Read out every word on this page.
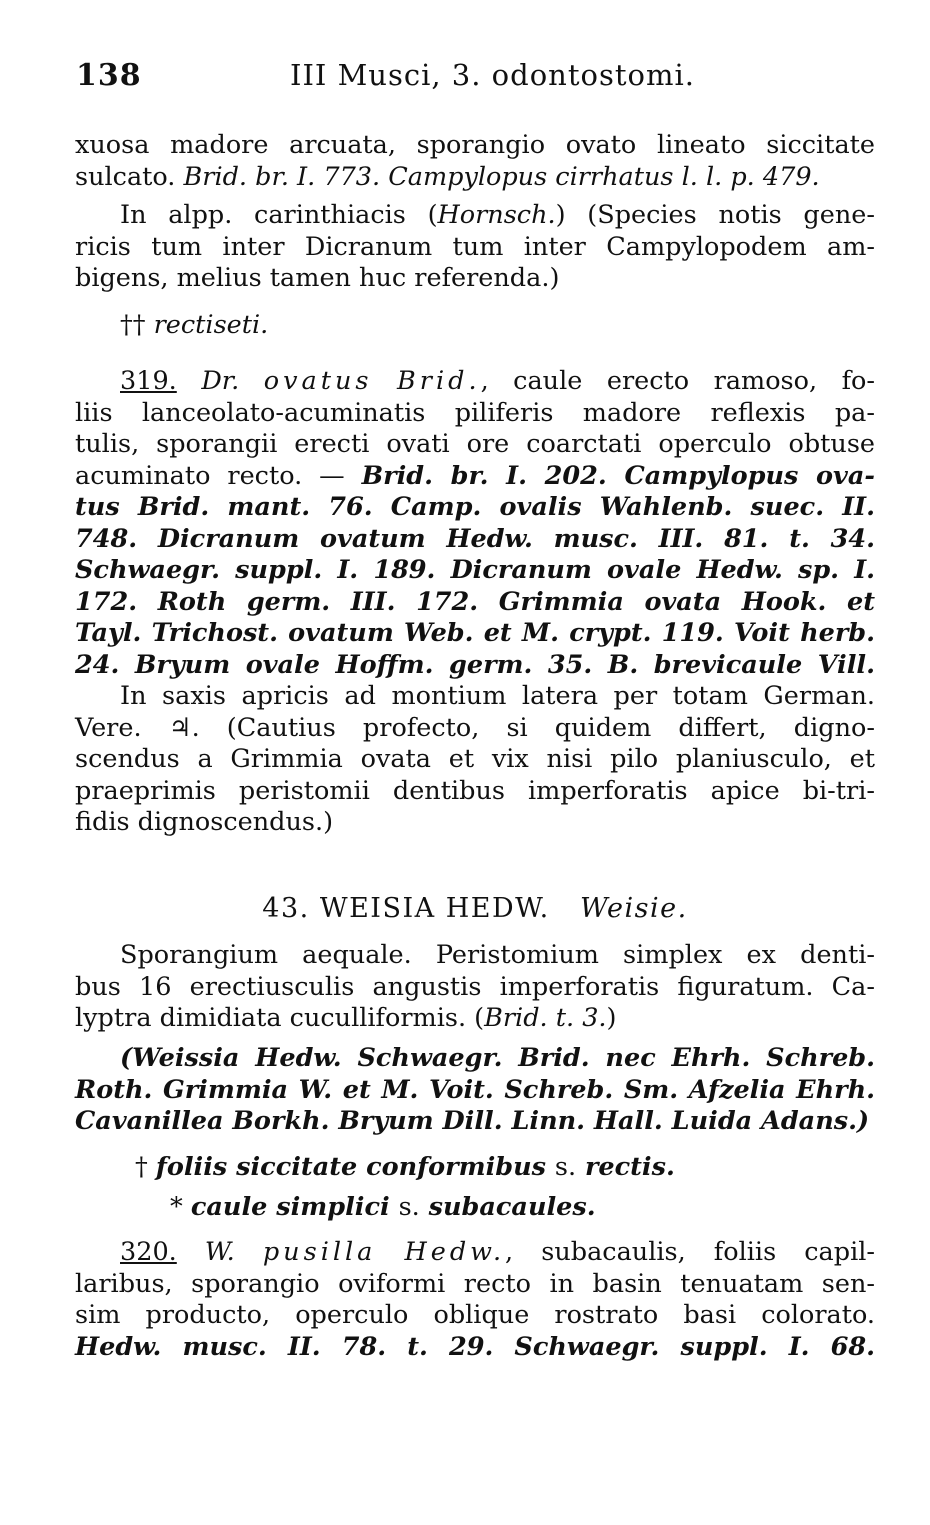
138	III Musci, 3. odontostomi.

xuosa madore arcuata, sporangio ovato lineato siccitate

sulcato. Brid. br. I. 773. Campylopus cirrhatus l. l. p. 479.

In alpp. carinthiacis (Hornsch.) (Species notis gene-

ricis tum inter Dicranum tum inter Campylopodem am-

bigens, melius tamen huc referenda.)

†† rectiseti.

319. Dr. ovatus Brid., caule erecto ramoso, fo-

liis lanceolato-acuminatis piliferis madore reflexis pa-

tulis, sporangii erecti ovati ore coarctati operculo obtuse

acuminato recto. — Brid. br. I. 202. Campylopus ova-

tus Brid. mant. 76. Camp. ovalis Wahlenb. suec. II.

748. Dicranum ovatum Hedw. musc. III. 81. t. 34.

Schwaegr. suppl. I. 189. Dicranum ovale Hedw. sp. I.

172. Roth germ. III. 172. Grimmia ovata Hook. et

Tayl. Trichost. ovatum Web. et M. crypt. 119. Voit herb.

24. Bryum ovale Hoffm. germ. 35. B. brevicaule Vill.

In saxis apricis ad montium latera per totam German.

Vere. ♃. (Cautius profecto, si quidem differt, digno-

scendus a Grimmia ovata et vix nisi pilo planiusculo, et

praeprimis peristomii dentibus imperforatis apice bi-tri-

fidis dignoscendus.)

43. WEISIA HEDW. Weisie.

Sporangium aequale. Peristomium simplex ex denti-

bus 16 erectiusculis angustis imperforatis figuratum. Ca-

lyptra dimidiata cuculliformis. (Brid. t. 3.)

(Weissia Hedw. Schwaegr. Brid. nec Ehrh. Schreb.

Roth. Grimmia W. et M. Voit. Schreb. Sm. Afzelia Ehrh.

Cavanillea Borkh. Bryum Dill. Linn. Hall. Luida Adans.)

† foliis siccitate conformibus s. rectis.

* caule simplici s. subacaules.

320. W. pusilla Hedw., subacaulis, foliis capil-

laribus, sporangio oviformi recto in basin tenuatam sen-

sim producto, operculo oblique rostrato basi colorato.

Hedw. musc. II. 78. t. 29. Schwaegr. suppl. I. 68.
